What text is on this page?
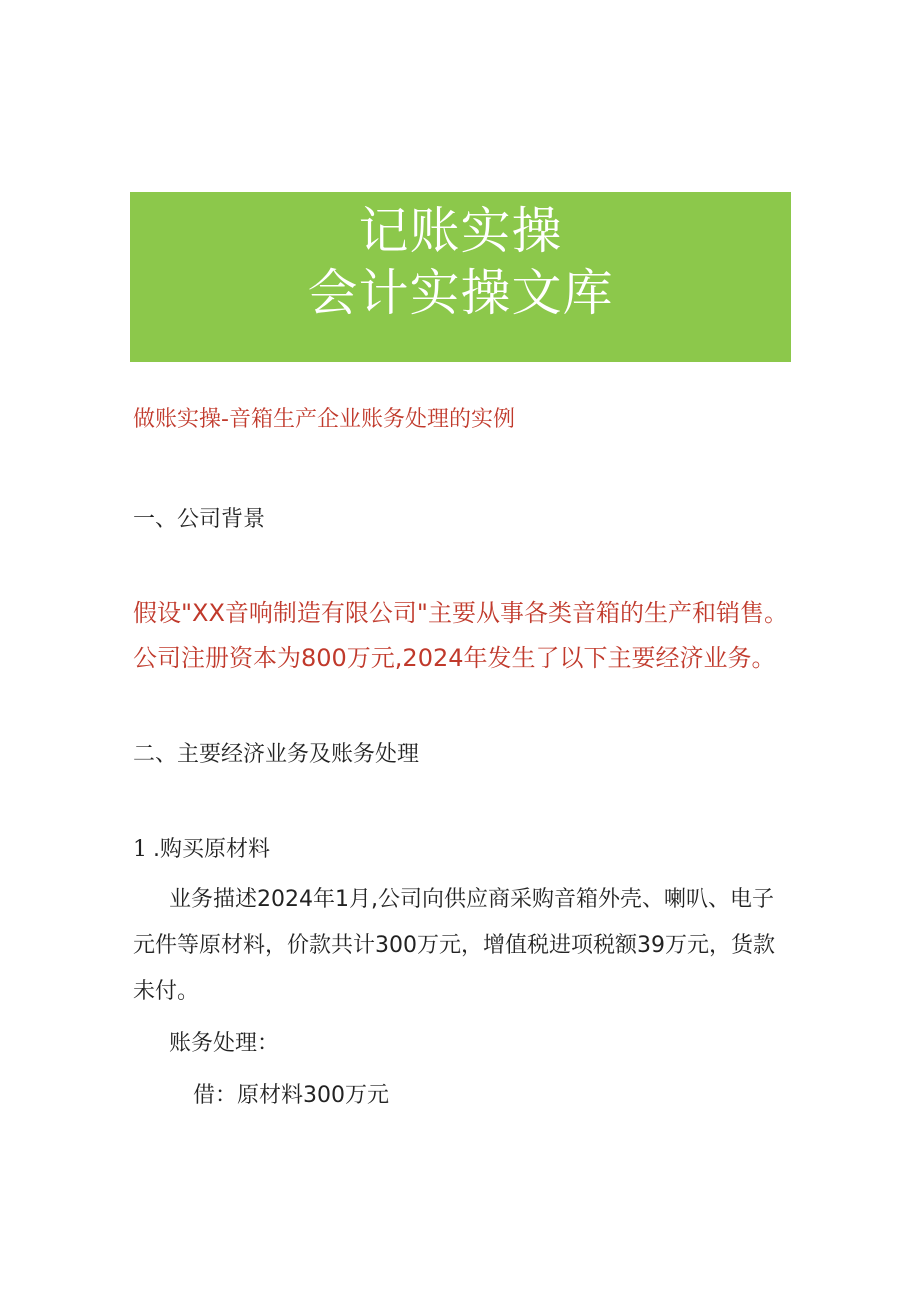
记账实操
会计实操文库
做账实操-音箱生产企业账务处理的实例
一、公司背景
假设"XX音响制造有限公司"主要从事各类音箱的生产和销售。公司注册资本为800万元,2024年发生了以下主要经济业务。
二、主要经济业务及账务处理
1 .购买原材料
业务描述2024年1月,公司向供应商采购音箱外壳、喇叭、电子元件等原材料，价款共计300万元，增值税进项税额39万元，货款未付。
账务处理：
借：原材料300万元
